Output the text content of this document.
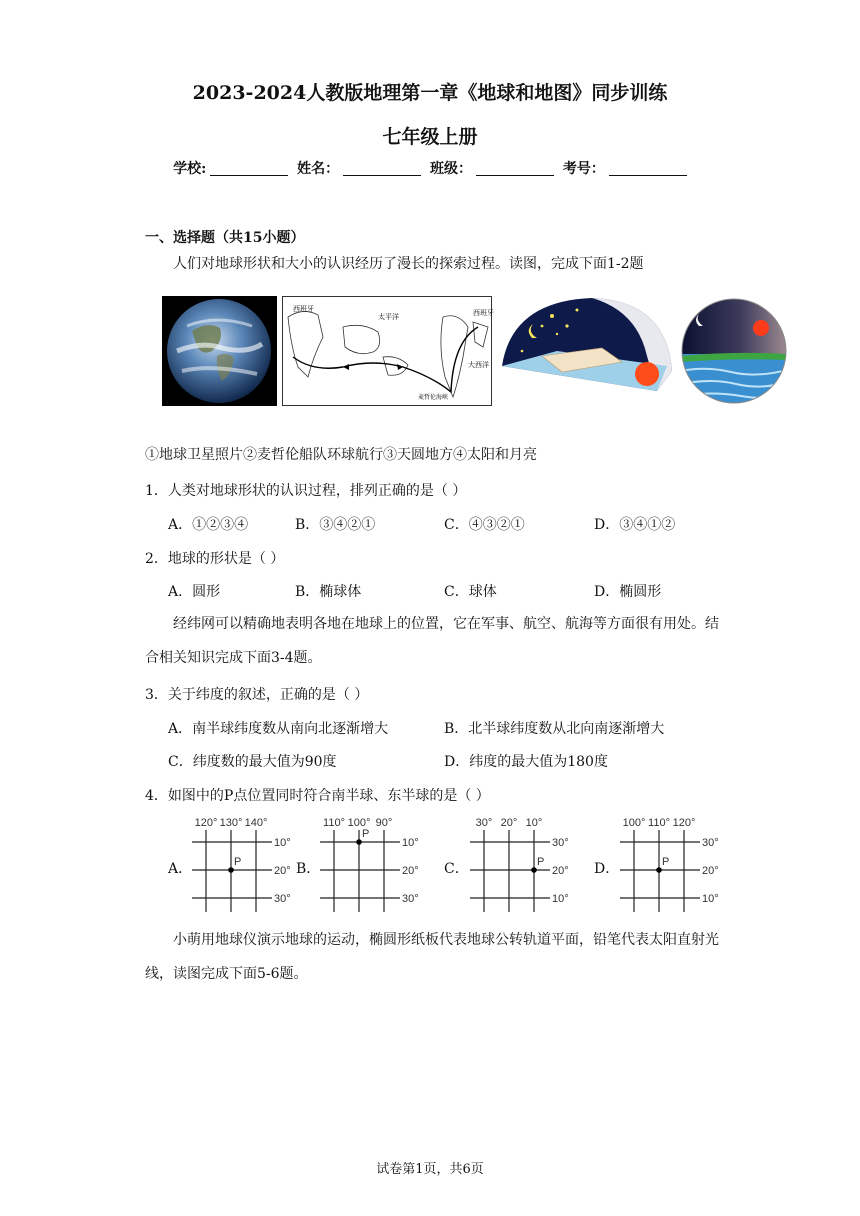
2023-2024人教版地理第一章《地球和地图》同步训练
七年级上册
学校:	姓名：	班级：	考号：
一、选择题（共15小题）
人们对地球形状和大小的认识经历了漫长的探索过程。读图，完成下面1-2题
西班牙
西班牙
太平洋
大西洋
麦哲伦海峡
①地球卫星照片②麦哲伦船队环球航行③天圆地方④太阳和月亮
1．人类对地球形状的认识过程，排列正确的是（ ）
A．①②③④	B．③④②①	C．④③②①	D．③④①②
2．地球的形状是（ ）
A．圆形	B．椭球体	C．球体	D．椭圆形
经纬网可以精确地表明各地在地球上的位置，它在军事、航空、航海等方面很有用处。结合相关知识完成下面3-4题。
3．关于纬度的叙述，正确的是（ ）
A．南半球纬度数从南向北逐渐增大	B．北半球纬度数从北向南逐渐增大
C．纬度数的最大值为90度	D．纬度的最大值为180度
4．如图中的P点位置同时符合南半球、东半球的是（ ）
A．	B．	C．	D．
120° 130° 140°
10°
20°
30°
P
110° 100° 90°
10°
20°
30°
P
30° 20° 10°
30°
20°
10°
P
100° 110° 120°
30°
20°
10°
P
小萌用地球仪演示地球的运动，椭圆形纸板代表地球公转轨道平面，铅笔代表太阳直射光线，读图完成下面5-6题。
试卷第1页，共6页
